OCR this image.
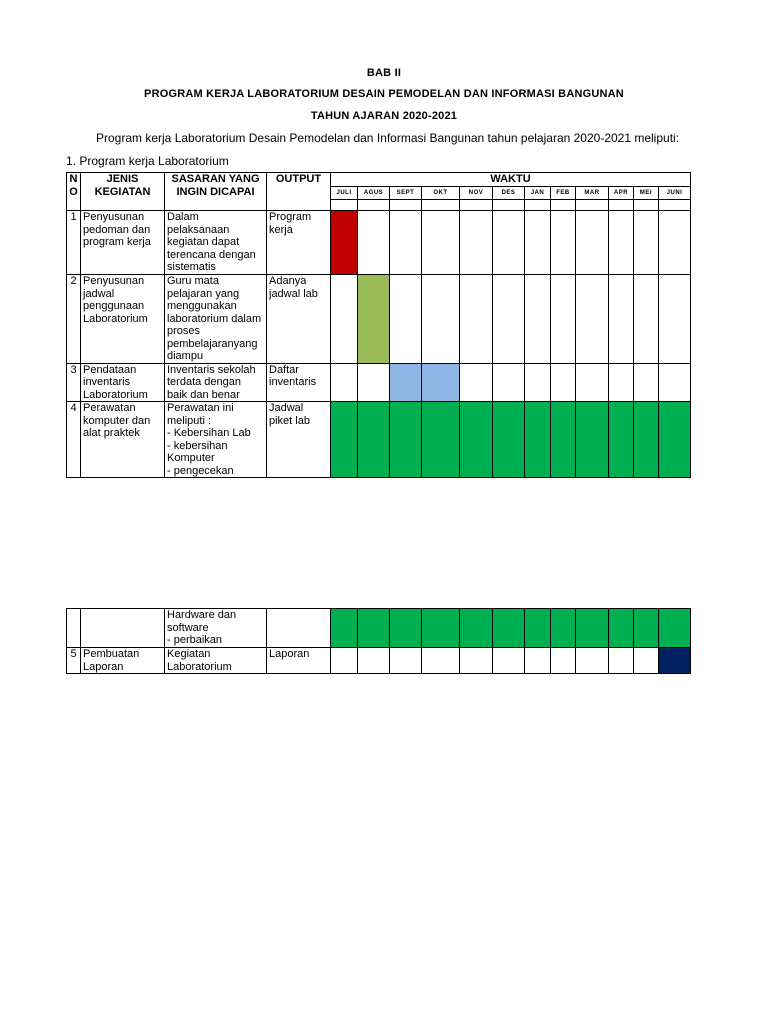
BAB II
PROGRAM KERJA LABORATORIUM DESAIN PEMODELAN DAN INFORMASI BANGUNAN
TAHUN AJARAN 2020-2021
Program kerja Laboratorium Desain Pemodelan dan Informasi Bangunan tahun pelajaran 2020-2021 meliputi:
1. Program kerja Laboratorium
N O	JENIS KEGIATAN	SASARAN YANG INGIN DICAPAI	OUTPUT	WAKTU											
				JULI	AGUS	SEPT	OKT	NOV	DES	JAN	FEB	MAR	APR	MEI	JUNI

1	Penyusunan pedoman dan program kerja	Dalam pelaksanaan kegiatan dapat terencana dengan sistematis	Program kerja												
2	Penyusunan jadwal penggunaan Laboratorium	Guru mata pelajaran yang menggunakan laboratorium dalam proses pembelajaranyang diampu	Adanya jadwal lab												
3	Pendataan inventaris Laboratorium	Inventaris sekolah terdata dengan baik dan benar	Daftar inventaris												
4	Perawatan komputer dan alat praktek	Perawatan ini meliputi :
- Kebersihan Lab
- kebersihan Komputer
- pengecekan	Jadwal piket lab												
		Hardware dan software
- perbaikan													
5	Pembuatan Laporan	Kegiatan Laboratorium	Laporan												
